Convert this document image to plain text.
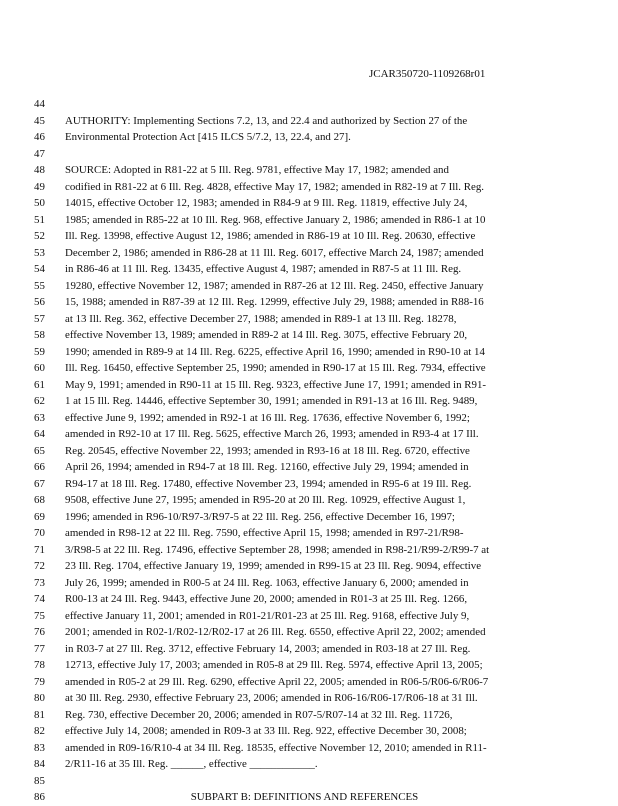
JCAR350720-1109268r01
44
45	AUTHORITY: Implementing Sections 7.2, 13, and 22.4 and authorized by Section 27 of the
46	Environmental Protection Act [415 ILCS 5/7.2, 13, 22.4, and 27].
47
48	SOURCE: Adopted in R81-22 at 5 Ill. Reg. 9781, effective May 17, 1982; amended and
49	codified in R81-22 at 6 Ill. Reg. 4828, effective May 17, 1982; amended in R82-19 at 7 Ill. Reg.
50	14015, effective October 12, 1983; amended in R84-9 at 9 Ill. Reg. 11819, effective July 24,
51	1985; amended in R85-22 at 10 Ill. Reg. 968, effective January 2, 1986; amended in R86-1 at 10
52	Ill. Reg. 13998, effective August 12, 1986; amended in R86-19 at 10 Ill. Reg. 20630, effective
53	December 2, 1986; amended in R86-28 at 11 Ill. Reg. 6017, effective March 24, 1987; amended
54	in R86-46 at 11 Ill. Reg. 13435, effective August 4, 1987; amended in R87-5 at 11 Ill. Reg.
55	19280, effective November 12, 1987; amended in R87-26 at 12 Ill. Reg. 2450, effective January
56	15, 1988; amended in R87-39 at 12 Ill. Reg. 12999, effective July 29, 1988; amended in R88-16
57	at 13 Ill. Reg. 362, effective December 27, 1988; amended in R89-1 at 13 Ill. Reg. 18278,
58	effective November 13, 1989; amended in R89-2 at 14 Ill. Reg. 3075, effective February 20,
59	1990; amended in R89-9 at 14 Ill. Reg. 6225, effective April 16, 1990; amended in R90-10 at 14
60	Ill. Reg. 16450, effective September 25, 1990; amended in R90-17 at 15 Ill. Reg. 7934, effective
61	May 9, 1991; amended in R90-11 at 15 Ill. Reg. 9323, effective June 17, 1991; amended in R91-
62	1 at 15 Ill. Reg. 14446, effective September 30, 1991; amended in R91-13 at 16 Ill. Reg. 9489,
63	effective June 9, 1992; amended in R92-1 at 16 Ill. Reg. 17636, effective November 6, 1992;
64	amended in R92-10 at 17 Ill. Reg. 5625, effective March 26, 1993; amended in R93-4 at 17 Ill.
65	Reg. 20545, effective November 22, 1993; amended in R93-16 at 18 Ill. Reg. 6720, effective
66	April 26, 1994; amended in R94-7 at 18 Ill. Reg. 12160, effective July 29, 1994; amended in
67	R94-17 at 18 Ill. Reg. 17480, effective November 23, 1994; amended in R95-6 at 19 Ill. Reg.
68	9508, effective June 27, 1995; amended in R95-20 at 20 Ill. Reg. 10929, effective August 1,
69	1996; amended in R96-10/R97-3/R97-5 at 22 Ill. Reg. 256, effective December 16, 1997;
70	amended in R98-12 at 22 Ill. Reg. 7590, effective April 15, 1998; amended in R97-21/R98-
71	3/R98-5 at 22 Ill. Reg. 17496, effective September 28, 1998; amended in R98-21/R99-2/R99-7 at
72	23 Ill. Reg. 1704, effective January 19, 1999; amended in R99-15 at 23 Ill. Reg. 9094, effective
73	July 26, 1999; amended in R00-5 at 24 Ill. Reg. 1063, effective January 6, 2000; amended in
74	R00-13 at 24 Ill. Reg. 9443, effective June 20, 2000; amended in R01-3 at 25 Ill. Reg. 1266,
75	effective January 11, 2001; amended in R01-21/R01-23 at 25 Ill. Reg. 9168, effective July 9,
76	2001; amended in R02-1/R02-12/R02-17 at 26 Ill. Reg. 6550, effective April 22, 2002; amended
77	in R03-7 at 27 Ill. Reg. 3712, effective February 14, 2003; amended in R03-18 at 27 Ill. Reg.
78	12713, effective July 17, 2003; amended in R05-8 at 29 Ill. Reg. 5974, effective April 13, 2005;
79	amended in R05-2 at 29 Ill. Reg. 6290, effective April 22, 2005; amended in R06-5/R06-6/R06-7
80	at 30 Ill. Reg. 2930, effective February 23, 2006; amended in R06-16/R06-17/R06-18 at 31 Ill.
81	Reg. 730, effective December 20, 2006; amended in R07-5/R07-14 at 32 Ill. Reg. 11726,
82	effective July 14, 2008; amended in R09-3 at 33 Ill. Reg. 922, effective December 30, 2008;
83	amended in R09-16/R10-4 at 34 Ill. Reg. 18535, effective November 12, 2010; amended in R11-
84	2/R11-16 at 35 Ill. Reg. ______, effective ____________.
85
86	SUBPART B: DEFINITIONS AND REFERENCES
